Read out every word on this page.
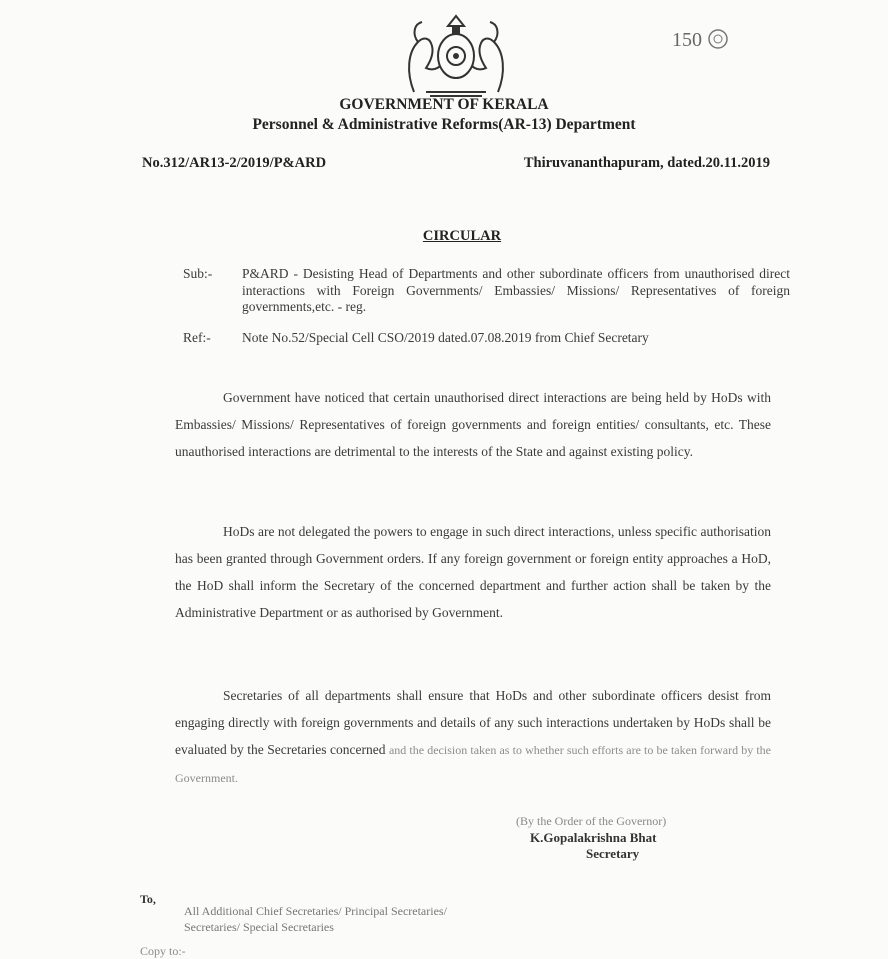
150
GOVERNMENT OF KERALA
Personnel & Administrative Reforms(AR-13) Department
No.312/AR13-2/2019/P&ARD	Thiruvananthapuram, dated.20.11.2019
CIRCULAR
Sub:- P&ARD - Desisting Head of Departments and other subordinate officers from unauthorised direct interactions with Foreign Governments/ Embassies/ Missions/ Representatives of foreign governments,etc. - reg.
Ref:- Note No.52/Special Cell CSO/2019 dated.07.08.2019 from Chief Secretary
Government have noticed that certain unauthorised direct interactions are being held by HoDs with Embassies/ Missions/ Representatives of foreign governments and foreign entities/ consultants, etc. These unauthorised interactions are detrimental to the interests of the State and against existing policy.
HoDs are not delegated the powers to engage in such direct interactions, unless specific authorisation has been granted through Government orders. If any foreign government or foreign entity approaches a HoD, the HoD shall inform the Secretary of the concerned department and further action shall be taken by the Administrative Department or as authorised by Government.
Secretaries of all departments shall ensure that HoDs and other subordinate officers desist from engaging directly with foreign governments and details of any such interactions undertaken by HoDs shall be evaluated by the Secretaries concerned and the decision taken as to whether such efforts are to be taken forward by the Government.
(By the Order of the Governor)
K.Gopalakrishna Bhat
Secretary
To,
All Additional Chief Secretaries/ Principal Secretaries/
Secretaries/ Special Secretaries
Copy to:-
